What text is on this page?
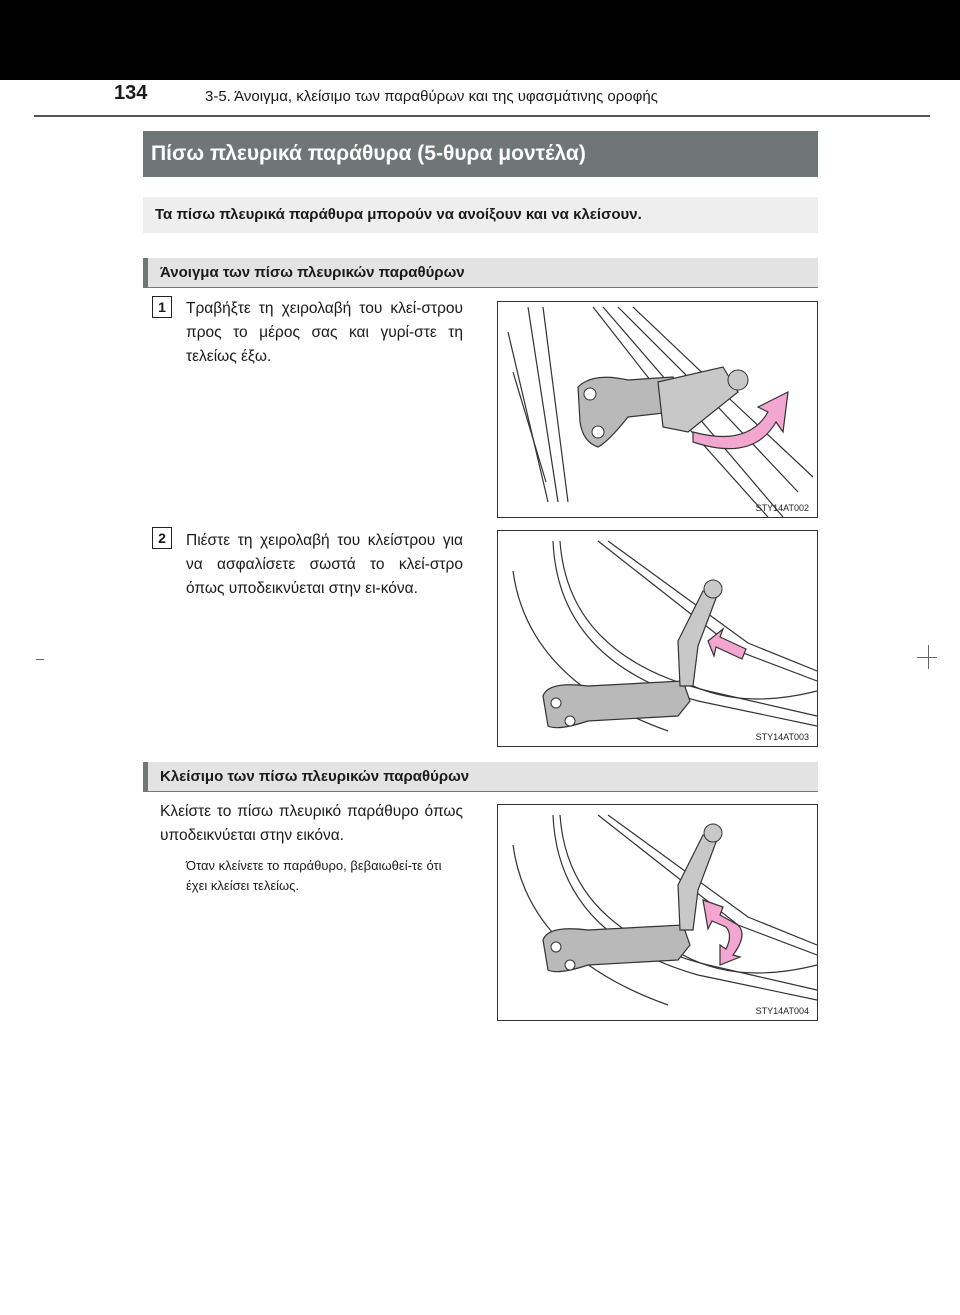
134	3-5. Άνοιγμα, κλείσιμο των παραθύρων και της υφασμάτινης οροφής
Πίσω πλευρικά παράθυρα (5-θυρα μοντέλα)
Τα πίσω πλευρικά παράθυρα μπορούν να ανοίξουν και να κλείσουν.
Άνοιγμα των πίσω πλευρικών παραθύρων
1	Τραβήξτε τη χειρολαβή του κλεί-στρου προς το μέρος σας και γυρί-στε τη τελείως έξω.
STY14AT002
2	Πιέστε τη χειρολαβή του κλείστρου για να ασφαλίσετε σωστά το κλεί-στρο όπως υποδεικνύεται στην ει-κόνα.
STY14AT003
Κλείσιμο των πίσω πλευρικών παραθύρων
Κλείστε το πίσω πλευρικό παράθυρο όπως υποδεικνύεται στην εικόνα.
Όταν κλείνετε το παράθυρο, βεβαιωθεί-τε ότι έχει κλείσει τελείως.
STY14AT004
